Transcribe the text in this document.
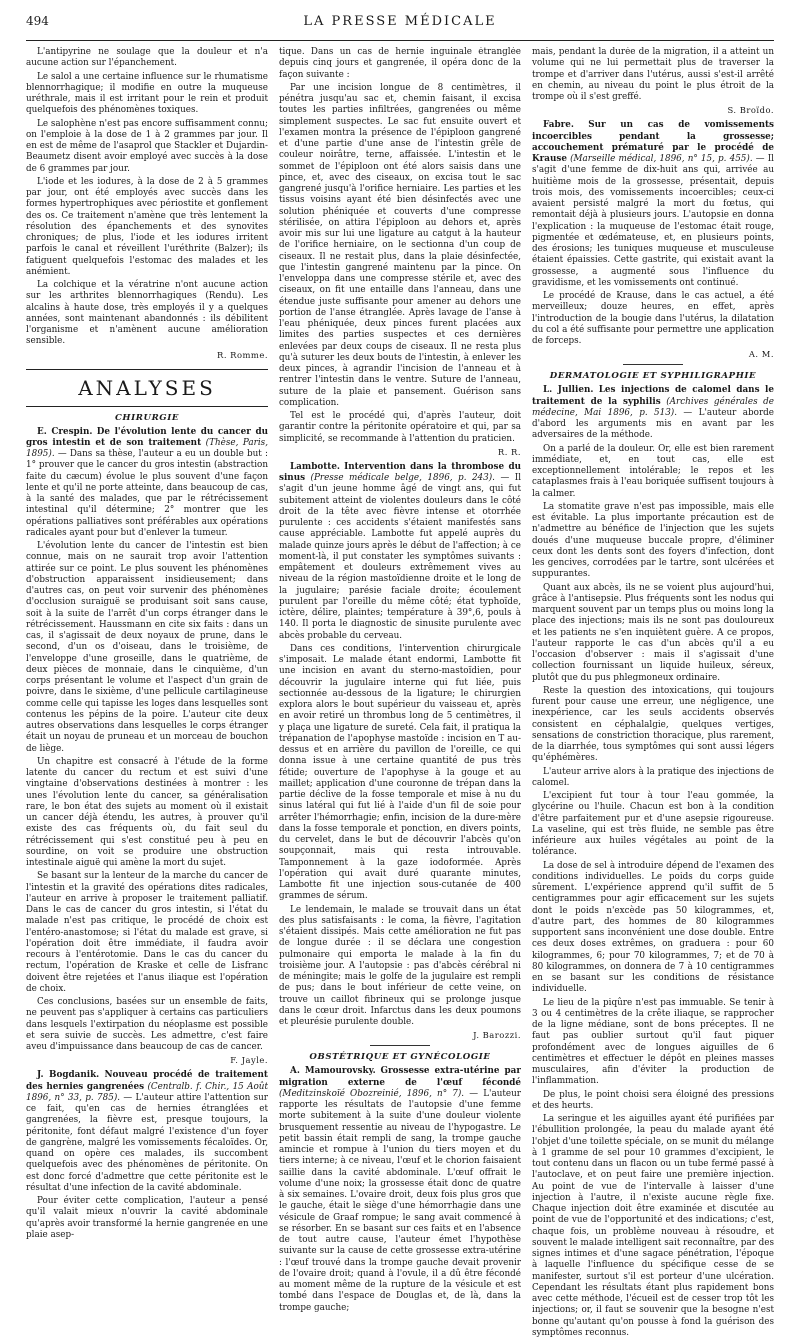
494	LA PRESSE MÉDICALE

L'antipyrine ne soulage que la douleur et n'a aucune action sur l'épanchement.

Le salol a une certaine influence sur le rhumatisme blennorrhagique; il modifie en outre la muqueuse uréthrale, mais il est irritant pour le rein et produit quelquefois des phénomènes toxiques.

Le salophène n'est pas encore suffisamment connu; on l'emploie à la dose de 1 à 2 grammes par jour. Il en est de même de l'asaprol que Stackler et Dujardin-Beaumetz disent avoir employé avec succès à la dose de 6 grammes par jour.

L'iode et les iodures, à la dose de 2 à 5 grammes par jour, ont été employés avec succès dans les formes hypertrophiques avec périostite et gonflement des os. Ce traitement n'amène que très lentement la résolution des épanchements et des synovites chroniques; de plus, l'iode et les iodures irritent parfois le canal et réveillent l'uréthrite (Balzer); ils fatiguent quelquefois l'estomac des malades et les anémient.

La colchique et la vératrine n'ont aucune action sur les arthrites blennorrhagiques (Rendu). Les alcalins à haute dose, très employés il y a quelques années, sont maintenant abandonnés : ils débilitent l'organisme et n'amènent aucune amélioration sensible.

R. Romme.
ANALYSES
CHIRURGIE

E. Crespin. De l'évolution lente du cancer du gros intestin et de son traitement (Thèse, Paris, 1895). — Dans sa thèse, l'auteur a eu un double but : 1° prouver que le cancer du gros intestin (abstraction faite du cæcum) évolue le plus souvent d'une façon lente et qu'il ne porte atteinte, dans beaucoup de cas, à la santé des malades, que par le rétrécissement intestinal qu'il détermine; 2° montrer que les opérations palliatives sont préférables aux opérations radicales ayant pour but d'enlever la tumeur.

L'évolution lente du cancer de l'intestin est bien connue, mais on ne saurait trop avoir l'attention attirée sur ce point. Le plus souvent les phénomènes d'obstruction apparaissent insidieusement; dans d'autres cas, on peut voir survenir des phénomènes d'occlusion suraiguë se produisant soit sans cause, soit à la suite de l'arrêt d'un corps étranger dans le rétrécissement. Haussmann en cite six faits : dans un cas, il s'agissait de deux noyaux de prune, dans le second, d'un os d'oiseau, dans le troisième, de l'enveloppe d'une groseille, dans le quatrième, de deux pièces de monnaie, dans le cinquième, d'un corps présentant le volume et l'aspect d'un grain de poivre, dans le sixième, d'une pellicule cartilagineuse comme celle qui tapisse les loges dans lesquelles sont contenus les pépins de la poire. L'auteur cite deux autres observations dans lesquelles le corps étranger était un noyau de pruneau et un morceau de bouchon de liège.

Un chapitre est consacré à l'étude de la forme latente du cancer du rectum et est suivi d'une vingtaine d'observations destinées à montrer : les unes l'évolution lente du cancer, sa généralisation rare, le bon état des sujets au moment où il existait un cancer déjà étendu, les autres, à prouver qu'il existe des cas fréquents où, du fait seul du rétrécissement qui s'est constitué peu à peu en sourdine, on voit se produire une obstruction intestinale aiguë qui amène la mort du sujet.

Se basant sur la lenteur de la marche du cancer de l'intestin et la gravité des opérations dites radicales, l'auteur en arrive à proposer le traitement palliatif. Dans le cas de cancer du gros intestin, si l'état du malade n'est pas critique, le procédé de choix est l'entéro-anastomose; si l'état du malade est grave, si l'opération doit être immédiate, il faudra avoir recours à l'entérotomie. Dans le cas du cancer du rectum, l'opération de Kraske et celle de Lisfranc doivent être rejetées et l'anus iliaque est l'opération de choix.

Ces conclusions, basées sur un ensemble de faits, ne peuvent pas s'appliquer à certains cas particuliers dans lesquels l'extirpation du néoplasme est possible et sera suivie de succès. Les admettre, c'est faire aveu d'impuissance dans beaucoup de cas de cancer.

F. Jayle.

J. Bogdanik. Nouveau procédé de traitement des hernies gangrenées (Centralb. f. Chir., 15 Août 1896, n° 33, p. 785). — L'auteur attire l'attention sur ce fait, qu'en cas de hernies étranglées et gangrenées, la fièvre est, presque toujours, la péritonite, font défaut malgré l'existence d'un foyer de gangrène, malgré les vomissements fécaloïdes. Or, quand on opère ces malades, ils succombent quelquefois avec des phénomènes de péritonite. On est donc forcé d'admettre que cette péritonite est le résultat d'une infection de la cavité abdominale.

Pour éviter cette complication, l'auteur a pensé qu'il valait mieux n'ouvrir la cavité abdominale qu'après avoir transformé la hernie gangrenée en une plaie asep-

tique. Dans un cas de hernie inguinale étranglée depuis cinq jours et gangrenée, il opéra donc de la façon suivante :

Par une incision longue de 8 centimètres, il pénétra jusqu'au sac et, chemin faisant, il excisa toutes les parties infiltrées, gangrenées ou même simplement suspectes. Le sac fut ensuite ouvert et l'examen montra la présence de l'épiploon gangrené et d'une partie d'une anse de l'intestin grêle de couleur noirâtre, terne, affaissée. L'intestin et le sommet de l'épiploon ont été alors saisis dans une pince, et, avec des ciseaux, on excisa tout le sac gangrené jusqu'à l'orifice herniaire. Les parties et les tissus voisins ayant été bien désinfectés avec une solution phéniquée et couverts d'une compresse stérilisée, on attira l'épiploon au dehors et, après avoir mis sur lui une ligature au catgut à la hauteur de l'orifice herniaire, on le sectionna d'un coup de ciseaux. Il ne restait plus, dans la plaie désinfectée, que l'intestin gangrené maintenu par la pince. On l'enveloppa dans une compresse stérile et, avec des ciseaux, on fit une entaille dans l'anneau, dans une étendue juste suffisante pour amener au dehors une portion de l'anse étranglée. Après lavage de l'anse à l'eau phéniquée, deux pinces furent placées aux limites des parties suspectes et ces dernières enlevées par deux coups de ciseaux. Il ne resta plus qu'à suturer les deux bouts de l'intestin, à enlever les deux pinces, à agrandir l'incision de l'anneau et à rentrer l'intestin dans le ventre. Suture de l'anneau, suture de la plaie et pansement. Guérison sans complication.

Tel est le procédé qui, d'après l'auteur, doit garantir contre la péritonite opératoire et qui, par sa simplicité, se recommande à l'attention du praticien.

R. R.

Lambotte. Intervention dans la thrombose du sinus (Presse médicale belge, 1896, p. 243). — Il s'agit d'un jeune homme âgé de vingt ans, qui fut subitement atteint de violentes douleurs dans le côté droit de la tête avec fièvre intense et otorrhée purulente : ces accidents s'étaient manifestés sans cause appréciable. Lambotte fut appelé auprès du malade quinze jours après le début de l'affection; à ce moment-là, il put constater les symptômes suivants : empâtement et douleurs extrêmement vives au niveau de la région mastoïdienne droite et le long de la jugulaire; parésie faciale droite; écoulement purulent par l'oreille du même côté; état typhoïde, ictère, délire, plaintes; température à 39°,6, pouls à 140. Il porta le diagnostic de sinusite purulente avec abcès probable du cerveau.

Dans ces conditions, l'intervention chirurgicale s'imposait. Le malade étant endormi, Lambotte fit une incision en avant du sterno-mastoïdien, pour découvrir la jugulaire interne qui fut liée, puis sectionnée au-dessous de la ligature; le chirurgien explora alors le bout supérieur du vaisseau et, après en avoir retiré un thrombus long de 5 centimètres, il y plaça une ligature de sureté. Cela fait, il pratiqua la trépanation de l'apophyse mastoïde : incision en T au-dessus et en arrière du pavillon de l'oreille, ce qui donna issue à une certaine quantité de pus très fétide; ouverture de l'apophyse à la gouge et au maillet; application d'une couronne de trépan dans la partie déclive de la fosse temporale et mise à nu du sinus latéral qui fut lié à l'aide d'un fil de soie pour arrêter l'hémorrhagie; enfin, incision de la dure-mère dans la fosse temporale et ponction, en divers points, du cervelet, dans le but de découvrir l'abcès qu'on soupçonnait, mais qui resta introuvable. Tamponnement à la gaze iodoformée. Après l'opération qui avait duré quarante minutes, Lambotte fit une injection sous-cutanée de 400 grammes de sérum.

Le lendemain, le malade se trouvait dans un état des plus satisfaisants : le coma, la fièvre, l'agitation s'étaient dissipés. Mais cette amélioration ne fut pas de longue durée : il se déclara une congestion pulmonaire qui emporta le malade à la fin du troisième jour. A l'autopsie : pas d'abcès cérébral ni de méningite; mais le golfe de la jugulaire est rempli de pus; dans le bout inférieur de cette veine, on trouve un caillot fibrineux qui se prolonge jusque dans le cœur droit. Infarctus dans les deux poumons et pleurésie purulente double.

J. Barozzi.
OBSTÉTRIQUE ET GYNÉCOLOGIE

A. Mamourovsky. Grossesse extra-utérine par migration externe de l'œuf fécondé (Meditzinskoïé Obozreinié, 1896, n° 7). — L'auteur rapporte les résultats de l'autopsie d'une femme morte subitement à la suite d'une douleur violente brusquement ressentie au niveau de l'hypogastre. Le petit bassin était rempli de sang, la trompe gauche amincie et rompue à l'union du tiers moyen et du tiers interne; à ce niveau, l'œuf et le chorion faisaient saillie dans la cavité abdominale. L'œuf offrait le volume d'une noix; la grossesse était donc de quatre à six semaines. L'ovaire droit, deux fois plus gros que le gauche, était le siège d'une hémorrhagie dans une vésicule de Graaf rompue; le sang avait commencé à se résorber. En se basant sur ces faits et en l'absence de tout autre cause, l'auteur émet l'hypothèse suivante sur la cause de cette grossesse extra-utérine : l'œuf trouvé dans la trompe gauche devait provenir de l'ovaire droit; quand à l'ovule, il a dû être fécondé au moment même de la rupture de la vésicule et est tombé dans l'espace de Douglas et, de là, dans la trompe gauche;

mais, pendant la durée de la migration, il a atteint un volume qui ne lui permettait plus de traverser la trompe et d'arriver dans l'utérus, aussi s'est-il arrêté en chemin, au niveau du point le plus étroit de la trompe où il s'est greffé.

S. Broïdo.

Fabre. Sur un cas de vomissements incoercibles pendant la grossesse; accouchement prématuré par le procédé de Krause (Marseille médical, 1896, n° 15, p. 455). — Il s'agit d'une femme de dix-huit ans qui, arrivée au huitième mois de la grossesse, présentait, depuis trois mois, des vomissements incoercibles; ceux-ci avaient persisté malgré la mort du fœtus, qui remontait déjà à plusieurs jours. L'autopsie en donna l'explication : la muqueuse de l'estomac était rouge, pigmentée et œdémateuse, et, en plusieurs points, des érosions; les tuniques muqueuse et musculeuse étaient épaissies. Cette gastrite, qui existait avant la grossesse, a augmenté sous l'influence du gravidisme, et les vomissements ont continué.

Le procédé de Krause, dans le cas actuel, a été merveilleux; douze heures, en effet, après l'introduction de la bougie dans l'utérus, la dilatation du col a été suffisante pour permettre une application de forceps.

A. M.
DERMATOLOGIE ET SYPHILIGRAPHIE

L. Jullien. Les injections de calomel dans le traitement de la syphilis (Archives générales de médecine, Mai 1896, p. 513). — L'auteur aborde d'abord les arguments mis en avant par les adversaires de la méthode.

On a parlé de la douleur. Or, elle est bien rarement immédiate, et, en tout cas, elle est exceptionnellement intolérable; le repos et les cataplasmes frais à l'eau boriquée suffisent toujours à la calmer.

La stomatite grave n'est pas impossible, mais elle est évitable. La plus importante précaution est de n'admettre au bénéfice de l'injection que les sujets doués d'une muqueuse buccale propre, d'éliminer ceux dont les dents sont des foyers d'infection, dont les gencives, corrodées par le tartre, sont ulcérées et suppurantes.

Quant aux abcès, ils ne se voient plus aujourd'hui, grâce à l'antisepsie. Plus fréquents sont les nodus qui marquent souvent par un temps plus ou moins long la place des injections; mais ils ne sont pas douloureux et les patients ne s'en inquiètent guère. A ce propos, l'auteur rapporte le cas d'un abcès qu'il a eu l'occasion d'observer : mais il s'agissait d'une collection fournissant un liquide huileux, séreux, plutôt que du pus phlegmoneux ordinaire.

Reste la question des intoxications, qui toujours furent pour cause une erreur, une négligence, une inexpérience, car les seuls accidents observés consistent en céphalalgie, quelques vertiges, sensations de constriction thoracique, plus rarement, de la diarrhée, tous symptômes qui sont aussi légers qu'éphémères.

L'auteur arrive alors à la pratique des injections de calomel.

L'excipient fut tour à tour l'eau gommée, la glycérine ou l'huile. Chacun est bon à la condition d'être parfaitement pur et d'une asepsie rigoureuse. La vaseline, qui est très fluide, ne semble pas être inférieure aux huiles végétales au point de la tolérance.

La dose de sel à introduire dépend de l'examen des conditions individuelles. Le poids du corps guide sûrement. L'expérience apprend qu'il suffit de 5 centigrammes pour agir efficacement sur les sujets dont le poids n'excède pas 50 kilogrammes, et, d'autre part, des hommes de 80 kilogrammes supportent sans inconvénient une dose double. Entre ces deux doses extrêmes, on graduera : pour 60 kilogrammes, 6; pour 70 kilogrammes, 7; et de 70 à 80 kilogrammes, on donnera de 7 à 10 centigrammes en se basant sur les conditions de résistance individuelle.

Le lieu de la piqûre n'est pas immuable. Se tenir à 3 ou 4 centimètres de la crête iliaque, se rapprocher de la ligne médiane, sont de bons préceptes. Il ne faut pas oublier surtout qu'il faut piquer profondément avec de longues aiguilles de 6 centimètres et effectuer le dépôt en pleines masses musculaires, afin d'éviter la production de l'inflammation.

De plus, le point choisi sera éloigné des pressions et des heurts.

La seringue et les aiguilles ayant été purifiées par l'ébullition prolongée, la peau du malade ayant été l'objet d'une toilette spéciale, on se munit du mélange à 1 gramme de sel pour 10 grammes d'excipient, le tout contenu dans un flacon ou un tube fermé passé à l'autoclave, et on peut faire une première injection. Au point de vue de l'intervalle à laisser d'une injection à l'autre, il n'existe aucune règle fixe. Chaque injection doit être examinée et discutée au point de vue de l'opportunité et des indications; c'est, chaque fois, un problème nouveau à résoudre, et souvent le malade intelligent sait reconnaître, par des signes intimes et d'une sagace pénétration, l'époque à laquelle l'influence du spécifique cesse de se manifester, surtout s'il est porteur d'une ulcération. Cependant les résultats étant plus rapidement bons avec cette méthode, l'écueil est de cesser trop tôt les injections; or, il faut se souvenir que la besogne n'est bonne qu'autant qu'on pousse à fond la guérison des symptômes reconnus.
